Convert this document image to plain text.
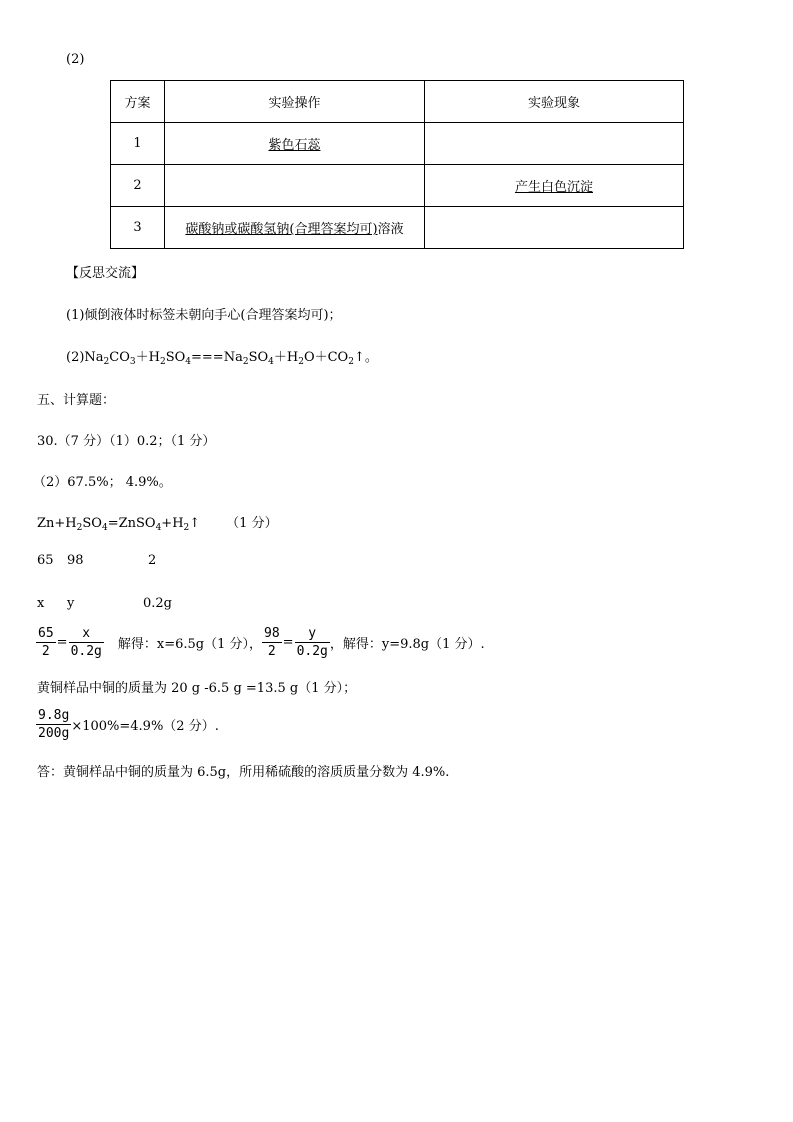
(2)
方案	实验操作	实验现象
1	紫色石蕊	
2		产生白色沉淀
3	碳酸钠或碳酸氢钠(合理答案均可)溶液	
【反思交流】
(1)倾倒液体时标签未朝向手心(合理答案均可)；
$(2)Na_2CO_3+H_2SO_4===Na_2SO_4+H_2O+CO_2↑$。
五、计算题：
30.（7 分）（1）0.2；（1 分）
（2）67.5%； 4.9%。
$Zn+H_2SO_4=ZnSO_4+H_2↑$ （1 分）
65 98	2
x y	0.2g
$\frac{65}{2} = \frac{x}{0.2g}$ 解得：x=6.5g（1 分）， $\frac{98}{2} = \frac{y}{0.2g}$ ，解得：y=9.8g（1 分）.
黄铜样品中铜的质量为 20 g -6.5 g =13.5 g（1 分）；
$\frac{9.8g}{200g} \times 100\%=4.9\%(2$ 分）.
答：黄铜样品中铜的质量为 6.5g，所用稀硫酸的溶质质量分数为 4.9%.
